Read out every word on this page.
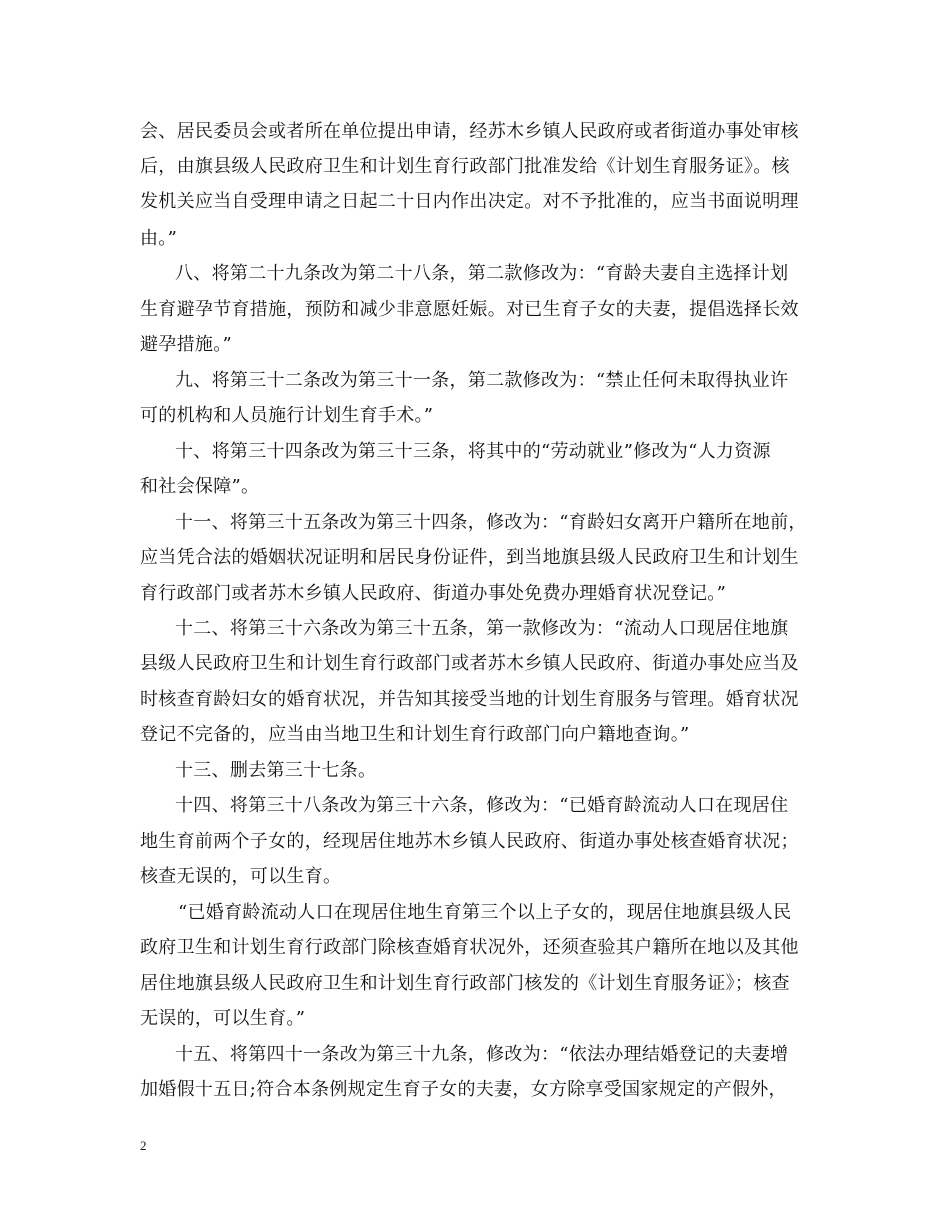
会、居民委员会或者所在单位提出申请，经苏木乡镇人民政府或者街道办事处审核
后，由旗县级人民政府卫生和计划生育行政部门批准发给《计划生育服务证》。核
发机关应当自受理申请之日起二十日内作出决定。对不予批准的，应当书面说明理
由。”
八、将第二十九条改为第二十八条，第二款修改为：“育龄夫妻自主选择计划
生育避孕节育措施，预防和减少非意愿妊娠。对已生育子女的夫妻，提倡选择长效
避孕措施。”
九、将第三十二条改为第三十一条，第二款修改为：“禁止任何未取得执业许
可的机构和人员施行计划生育手术。”
十、将第三十四条改为第三十三条，将其中的“劳动就业”修改为“人力资源
和社会保障”。
十一、将第三十五条改为第三十四条，修改为：“育龄妇女离开户籍所在地前，
应当凭合法的婚姻状况证明和居民身份证件，到当地旗县级人民政府卫生和计划生
育行政部门或者苏木乡镇人民政府、街道办事处免费办理婚育状况登记。”
十二、将第三十六条改为第三十五条，第一款修改为：“流动人口现居住地旗
县级人民政府卫生和计划生育行政部门或者苏木乡镇人民政府、街道办事处应当及
时核查育龄妇女的婚育状况，并告知其接受当地的计划生育服务与管理。婚育状况
登记不完备的，应当由当地卫生和计划生育行政部门向户籍地查询。”
十三、删去第三十七条。
十四、将第三十八条改为第三十六条，修改为：“已婚育龄流动人口在现居住
地生育前两个子女的，经现居住地苏木乡镇人民政府、街道办事处核查婚育状况；
核查无误的，可以生育。
“已婚育龄流动人口在现居住地生育第三个以上子女的，现居住地旗县级人民
政府卫生和计划生育行政部门除核查婚育状况外，还须查验其户籍所在地以及其他
居住地旗县级人民政府卫生和计划生育行政部门核发的《计划生育服务证》；核查
无误的，可以生育。”
十五、将第四十一条改为第三十九条，修改为：“依法办理结婚登记的夫妻增
加婚假十五日;符合本条例规定生育子女的夫妻，女方除享受国家规定的产假外，
2
